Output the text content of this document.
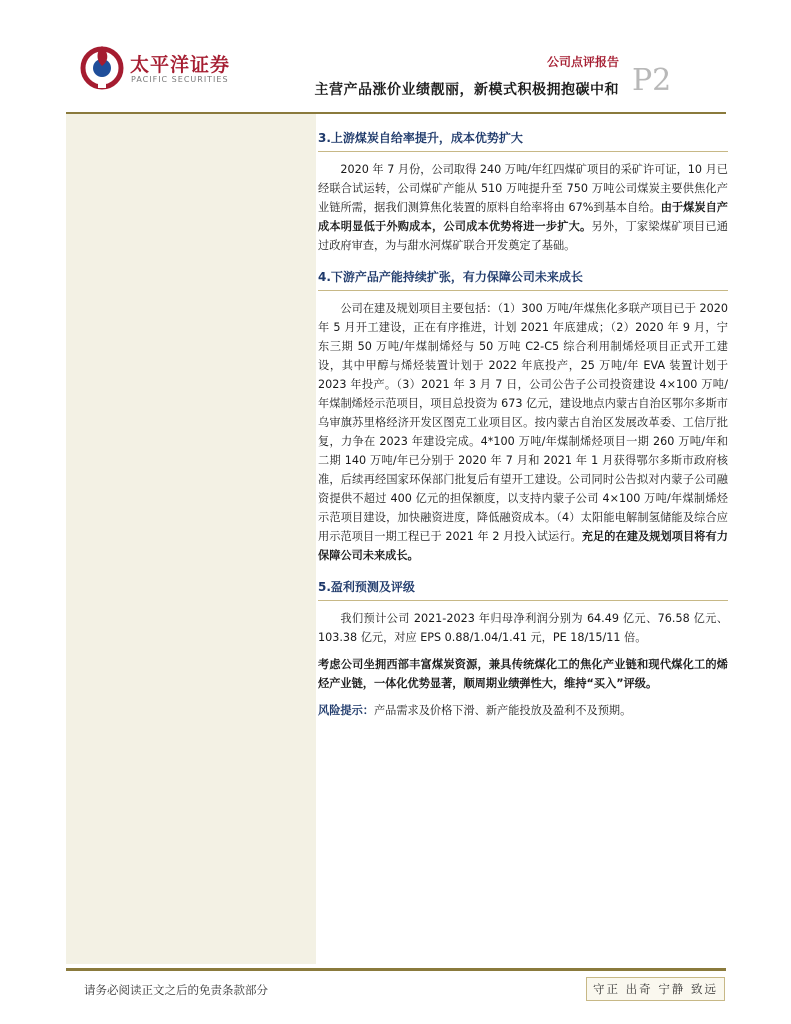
太平洋证券
PACIFIC SECURITIES
公司点评报告
主营产品涨价业绩靓丽，新模式积极拥抱碳中和 P2
3.上游煤炭自给率提升，成本优势扩大

2020 年 7 月份，公司取得 240 万吨/年红四煤矿项目的采矿许可证，10 月已经联合试运转，公司煤矿产能从 510 万吨提升至 750 万吨公司煤炭主要供焦化产业链所需，据我们测算焦化装置的原料自给率将由 67%到基本自给。由于煤炭自产成本明显低于外购成本，公司成本优势将进一步扩大。另外，丁家梁煤矿项目已通过政府审查，为与甜水河煤矿联合开发奠定了基础。

4.下游产品产能持续扩张，有力保障公司未来成长

公司在建及规划项目主要包括：（1）300 万吨/年煤焦化多联产项目已于 2020 年 5 月开工建设，正在有序推进，计划 2021 年底建成；（2）2020 年 9 月，宁东三期 50 万吨/年煤制烯烃与 50 万吨 C2-C5 综合利用制烯烃项目正式开工建设，其中甲醇与烯烃装置计划于 2022 年底投产，25 万吨/年 EVA 装置计划于 2023 年投产。（3）2021 年 3 月 7 日，公司公告子公司投资建设 4×100 万吨/年煤制烯烃示范项目，项目总投资为 673 亿元，建设地点内蒙古自治区鄂尔多斯市乌审旗苏里格经济开发区图克工业项目区。按内蒙古自治区发展改革委、工信厅批复，力争在 2023 年建设完成。4*100 万吨/年煤制烯烃项目一期 260 万吨/年和二期 140 万吨/年已分别于 2020 年 7 月和 2021 年 1 月获得鄂尔多斯市政府核准，后续再经国家环保部门批复后有望开工建设。公司同时公告拟对内蒙子公司融资提供不超过 400 亿元的担保额度，以支持内蒙子公司 4×100 万吨/年煤制烯烃示范项目建设，加快融资进度，降低融资成本。（4）太阳能电解制氢储能及综合应用示范项目一期工程已于 2021 年 2 月投入试运行。充足的在建及规划项目将有力保障公司未来成长。

5.盈利预测及评级

我们预计公司 2021-2023 年归母净利润分别为 64.49 亿元、76.58 亿元、103.38 亿元，对应 EPS 0.88/1.04/1.41 元，PE 18/15/11 倍。

考虑公司坐拥西部丰富煤炭资源，兼具传统煤化工的焦化产业链和现代煤化工的烯烃产业链，一体化优势显著，顺周期业绩弹性大，维持“买入”评级。

风险提示：产品需求及价格下滑、新产能投放及盈利不及预期。

请务必阅读正文之后的免责条款部分	守正 出奇 宁静 致远
